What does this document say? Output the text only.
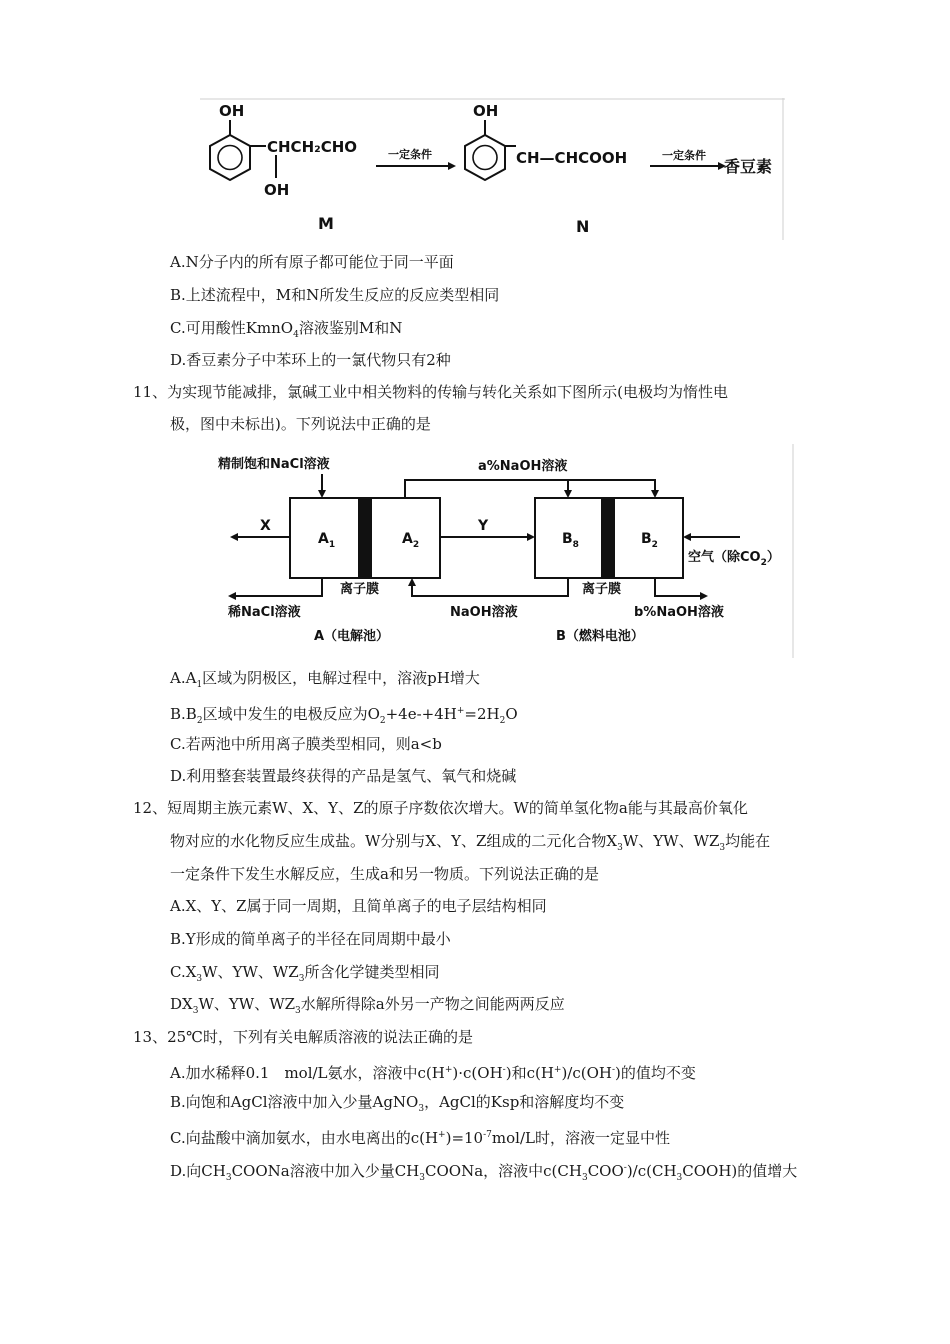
OH
CHCH₂CHO
OH
M
一定条件
OH
CH—CHCOOH
N
一定条件
香豆素
A.N分子内的所有原子都可能位于同一平面
B.上述流程中，M和N所发生反应的反应类型相同
C.可用酸性KmnO$_4$溶液鉴别M和N
D.香豆素分子中苯环上的一氯代物只有2种
11、为实现节能减排，氯碱工业中相关物料的传输与转化关系如下图所示(电极均为惰性电
极，图中未标出)。下列说法中正确的是
精制饱和NaCl溶液	a%NaOH溶液
X	Y
$A_1$	$A_2$	$B_8$	$B_2$
空气（除$CO_2$）
离子膜	离子膜
稀NaCl溶液	NaOH溶液	b%NaOH溶液
A（电解池）	B（燃料电池）
$A.A_1$区域为阴极区，电解过程中，溶液pH增大
$B.B_2$区域中发生的电极反应为$O_2+4e-+4H^+=2H_2O$
C.若两池中所用离子膜类型相同，则a<b
D.利用整套装置最终获得的产品是氢气、氧气和烧碱
12、短周期主族元素W、X、Y、Z的原子序数依次增大。W的简单氢化物a能与其最高价氧化
物对应的水化物反应生成盐。W分别与X、Y、Z组成的二元化合物$X_3W$、YW、$WZ_3$均能在
一定条件下发生水解反应，生成a和另一物质。下列说法正确的是
A.X、Y、Z属于同一周期，且简单离子的电子层结构相同
B.Y形成的简单离子的半径在同周期中最小
$C.X_3W$、YW、$WZ_3$所含化学键类型相同
$DX_3W$、YW、$WZ_3$水解所得除a外另一产物之间能两两反应
13、25℃时，下列有关电解质溶液的说法正确的是
A.加水稀释0.1　mol/L氨水，溶液中c(H+)·c(OH-)和c(H+)/c(OH-)的值均不变
B.向饱和AgCl溶液中加入少量AgNO$_3$，AgCl的Ksp和溶解度均不变
C.向盐酸中滴加氨水，由水电离出的$c(H^+)=10^{-7}mol/L$时，溶液一定显中性
D.向$CH_3COONa$溶液中加入少量$CH_3COONa$，溶液中$c(CH_3COO^-)/c(CH_3COOH)$的值增大
